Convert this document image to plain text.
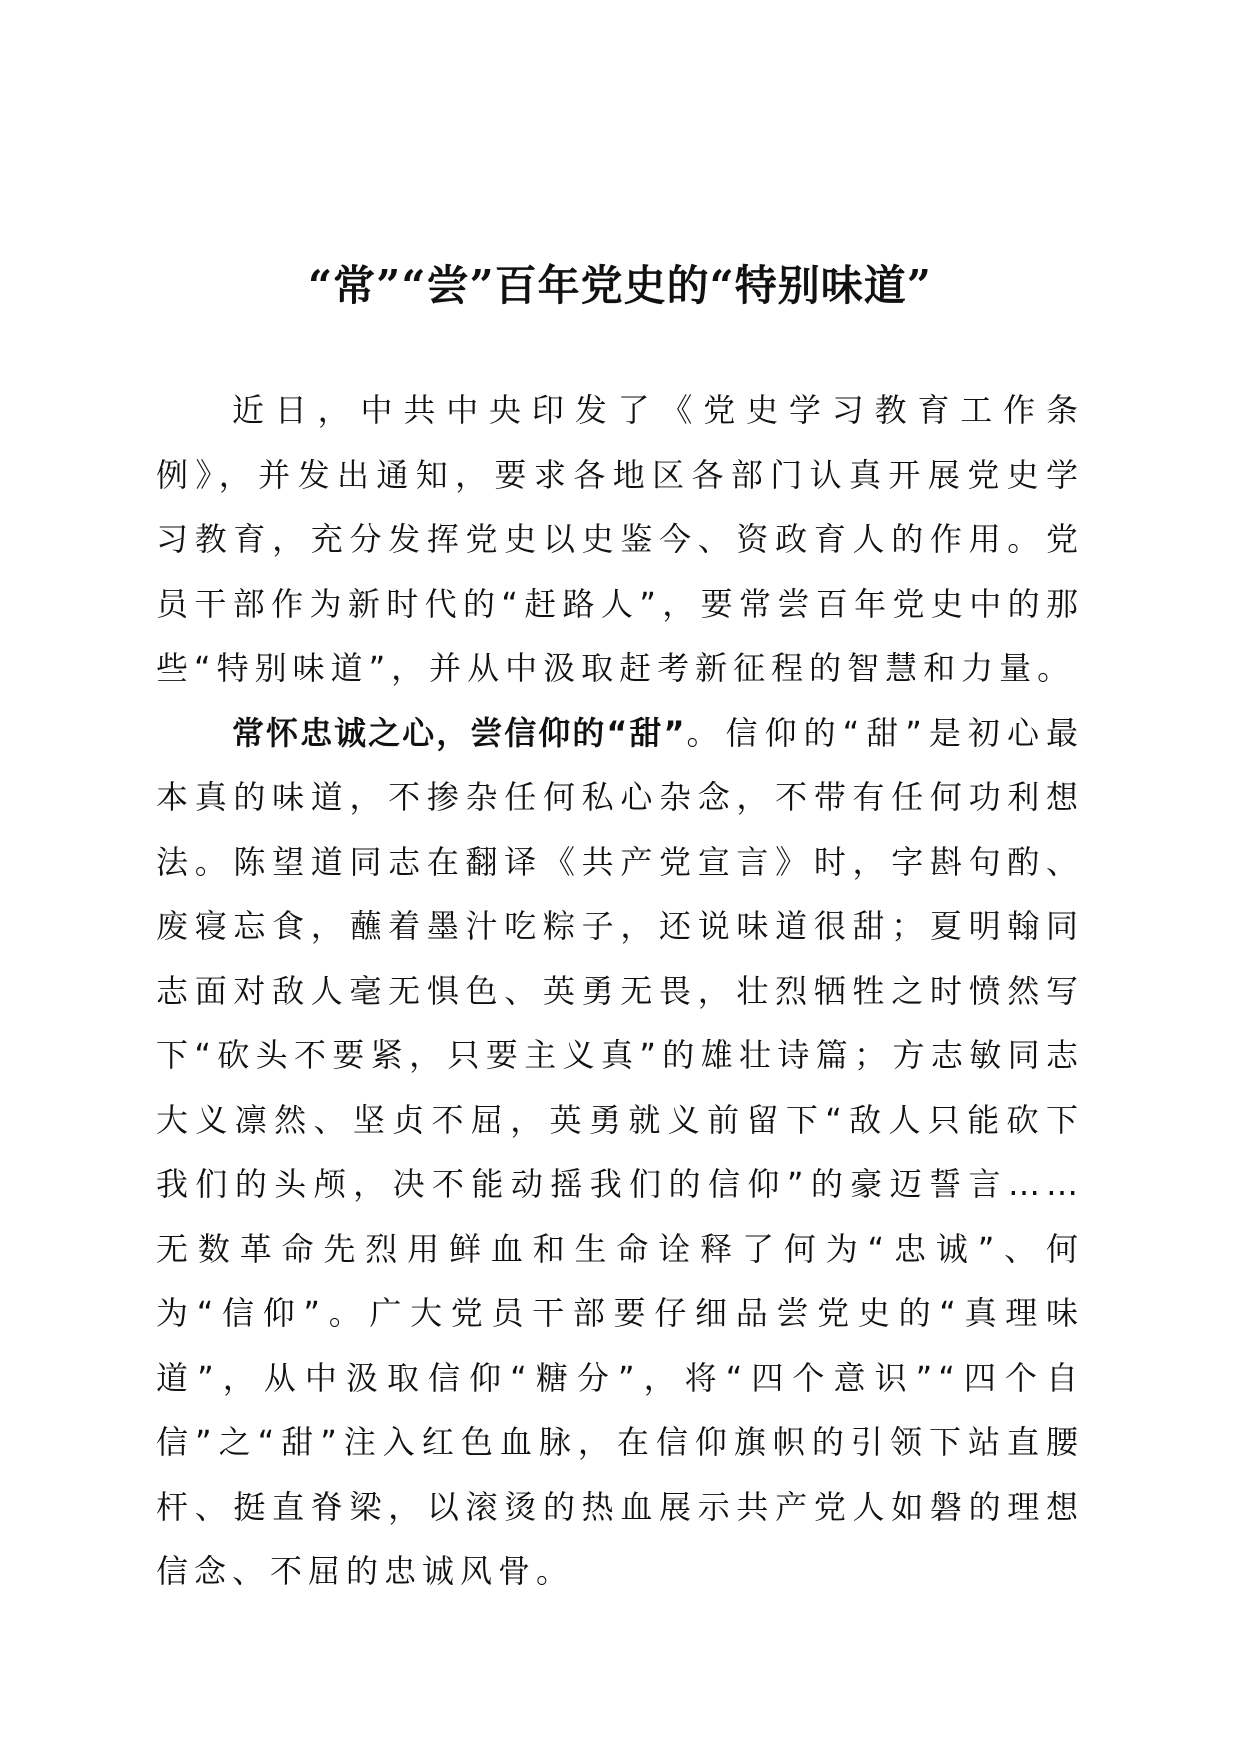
“常”“尝”百年党史的“特别味道”

近日，中共中央印发了《党史学习教育工作条例》，并发出通知，要求各地区各部门认真开展党史学习教育，充分发挥党史以史鉴今、资政育人的作用。党员干部作为新时代的“赶路人”，要常尝百年党史中的那些“特别味道”，并从中汲取赶考新征程的智慧和力量。

常怀忠诚之心，尝信仰的“甜”。信仰的“甜”是初心最本真的味道，不掺杂任何私心杂念，不带有任何功利想法。陈望道同志在翻译《共产党宣言》时，字斟句酌、废寝忘食，蘸着墨汁吃粽子，还说味道很甜；夏明翰同志面对敌人毫无惧色、英勇无畏，壮烈牺牲之时愤然写下“砍头不要紧，只要主义真”的雄壮诗篇；方志敏同志大义凛然、坚贞不屈，英勇就义前留下“敌人只能砍下我们的头颅，决不能动摇我们的信仰”的豪迈誓言……无数革命先烈用鲜血和生命诠释了何为“忠诚”、何为“信仰”。广大党员干部要仔细品尝党史的“真理味道”，从中汲取信仰“糖分”，将“四个意识”“四个自信”之“甜”注入红色血脉，在信仰旗帜的引领下站直腰杆、挺直脊梁，以滚烫的热血展示共产党人如磐的理想信念、不屈的忠诚风骨。
